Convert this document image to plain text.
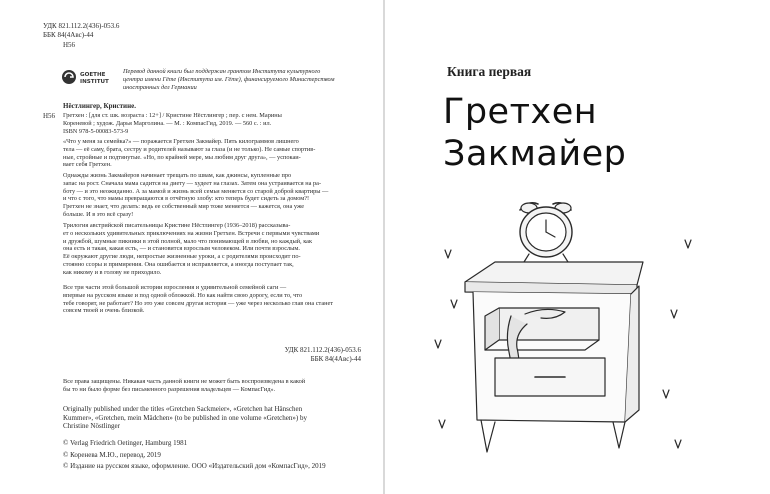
УДК 821.112.2(436)-053.6
ББК 84(4Авс)-44
Н56
GOETHE
INSTITUT
Перевод данной книги был поддержан грантом Института культурного
центра имени Гёте (Института им. Гёте), финансируемого Министерством
иностранных дел Германии
Нёстлингер, Кристине.
Н56 Гретхен : [для ст. шк. возраста : 12+] / Кристине Нёстлингер ; пер. с нем. Марины
Кореневой ; худож. Дарья Марголина. — М. : КомпасГид, 2019. — 560 с. : ил.
ISBN 978-5-00083-573-9
«Что у меня за семейка?» — поражается Гретхен Закмайер. Пять килограммов лишнего
тела — её саму, брата, сестру и родителей называют за глаза (и не только). Не самые спортив-
ные, стройные и подтянутые. «Но, по крайней мере, мы любим друг друга», — успокаи-
вает себя Гретхен.
Однажды жизнь Закмайеров начинает трещать по швам, как джинсы, купленные про
запас на рост. Сначала мама садится на диету — худеет на глазах. Затем она устраивается на ра-
боту — и это неожиданно. А за мамой и жизнь всей семьи меняется со старой доброй квартиры —
и что с того, что мамы превращаются в отчётную злобу: кто теперь будет сидеть за домом?!
Гретхен не знает, что делать: ведь ее собственный мир тоже меняется — кажется, она уже
больше. И в это всё сразу!
Трилогия австрийской писательницы Кристине Нёстлингер (1936–2018) рассказыва-
ет о нескольких удивительных приключениях на жизни Гретхен. Встречи с первыми чувствами
и дружбой, шумные пикники в этой полной, мало что понимающей в любви, но каждый, как
она есть и такая, какая есть, — и становится взрослым человеком. Или почти взрослым.
Её окружают другие люди, непростые жизненные уроки, а с родителями происходит по-
стоянно ссоры и примирения. Она ошибается и исправляется, а иногда поступает так,
как никому и в голову не приходило.
Все три части этой большой истории взросления и удивительной семейной саги —
впервые на русском языке и под одной обложкой. Но как найти свою дорогу, если то, что
тебе говорят, не работает? Но это уже совсем другая история — уже через несколько глав она станет
совсем твоей и очень близкой.
УДК 821.112.2(436)-053.6
ББК 84(4Авс)-44
Все права защищены. Никакая часть данной книги не может быть воспроизведена в какой
бы то ни было форме без письменного разрешения владельцев — КомпасГид».
Originally published under the titles «Gretchen Sackmeier», «Gretchen hat Hänschen
Kummer», «Gretchen, mein Mädchen» (to be published in one volume «Gretchen») by
Christine Nöstlinger
© Verlag Friedrich Oetinger, Hamburg 1981
© Коренева М.Ю., перевод, 2019
© Издание на русском языке, оформление. ООО «Издательский дом «КомпасГид», 2019
Книга первая
Гретхен
Закмайер
